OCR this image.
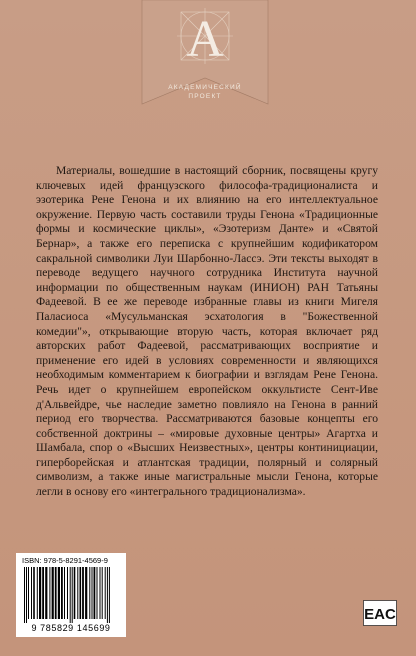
A
АКАДЕМИЧЕСКИЙ
ПРОЕКТ

Материалы, вошедшие в настоящий сборник, посвящены кругу ключевых идей французского философа-традиционалиста и эзотерика Рене Генона и их влиянию на его интеллектуальное окружение. Первую часть составили труды Генона «Традиционные формы и космические циклы», «Эзотеризм Данте» и «Святой Бернар», а также его переписка с крупнейшим кодификатором сакральной символики Луи Шарбонно-Лассэ. Эти тексты выходят в переводе ведущего научного сотрудника Института научной информации по общественным наукам (ИНИОН) РАН Татьяны Фадеевой. В ее же переводе избранные главы из книги Мигеля Паласиоса «Мусульманская эсхатология в "Божественной комедии"», открывающие вторую часть, которая включает ряд авторских работ Фадеевой, рассматривающих восприятие и применение его идей в условиях современности и являющихся необходимым комментарием к биографии и взглядам Рене Генона. Речь идет о крупнейшем европейском оккультисте Сент-Иве д'Альвейдре, чье наследие заметно повлияло на Генона в ранний период его творчества. Рассматриваются базовые концепты его собственной доктрины – «мировые духовные центры» Агартха и Шамбала, спор о «Высших Неизвестных», центры континициации, гиперборейская и атлантская традиции, полярный и солярный символизм, а также иные магистральные мысли Генона, которые легли в основу его «интегрального традиционализма».

ISBN: 978-5-8291-4569-9
9 785829 145699
EAC
